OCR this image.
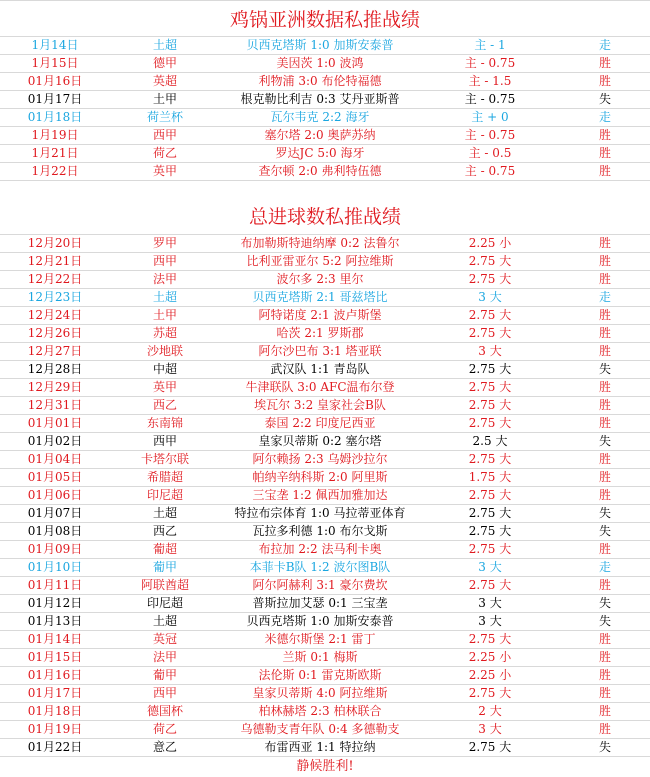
鸡锅亚洲数据私推战绩
1月14日	土超	贝西克塔斯 1:0 加斯安泰普	主 - 1	走
1月15日	德甲	美因茨 1:0 波鸿	主 - 0.75	胜
01月16日	英超	利物浦 3:0 布伦特福德	主 - 1.5	胜
01月17日	土甲	根克勒比利吉 0:3 艾丹亚斯普	主 - 0.75	失
01月18日	荷兰杯	瓦尔韦克 2:2 海牙	主 + 0	走
1月19日	西甲	塞尔塔 2:0 奥萨苏纳	主 - 0.75	胜
1月21日	荷乙	罗达JC 5:0 海牙	主 - 0.5	胜
1月22日	英甲	查尔顿 2:0 弗利特伍德	主 - 0.75	胜
总进球数私推战绩
12月20日	罗甲	布加勒斯特迪纳摩 0:2 法鲁尔	2.25 小	胜
12月21日	西甲	比利亚雷亚尔 5:2 阿拉维斯	2.75 大	胜
12月22日	法甲	波尔多 2:3 里尔	2.75 大	胜
12月23日	土超	贝西克塔斯 2:1 哥兹塔比	3 大	走
12月24日	土甲	阿特诺度 2:1 波卢斯堡	2.75 大	胜
12月26日	苏超	哈茨 2:1 罗斯郡	2.75 大	胜
12月27日	沙地联	阿尔沙巴布 3:1 塔亚联	3 大	胜
12月28日	中超	武汉队 1:1 青岛队	2.75 大	失
12月29日	英甲	牛津联队 3:0 AFC温布尔登	2.75 大	胜
12月31日	西乙	埃瓦尔 3:2 皇家社会B队	2.75 大	胜
01月01日	东南锦	泰国 2:2 印度尼西亚	2.75 大	胜
01月02日	西甲	皇家贝蒂斯 0:2 塞尔塔	2.5 大	失
01月04日	卡塔尔联	阿尔赖扬 2:3 乌姆沙拉尔	2.75 大	胜
01月05日	希腊超	帕纳辛纳科斯 2:0 阿里斯	1.75 大	胜
01月06日	印尼超	三宝垄 1:2 佩西加雅加达	2.75 大	胜
01月07日	土超	特拉布宗体育 1:0 马拉蒂亚体育	2.75 大	失
01月08日	西乙	瓦拉多利德 1:0 布尔戈斯	2.75 大	失
01月09日	葡超	布拉加 2:2 法马利卡奥	2.75 大	胜
01月10日	葡甲	本菲卡B队 1:2 波尔图B队	3 大	走
01月11日	阿联酋超	阿尔阿赫利 3:1 豪尔费坎	2.75 大	胜
01月12日	印尼超	普斯拉加艾瑟 0:1 三宝垄	3 大	失
01月13日	土超	贝西克塔斯 1:0 加斯安泰普	3 大	失
01月14日	英冠	米德尔斯堡 2:1 雷丁	2.75 大	胜
01月15日	法甲	兰斯 0:1 梅斯	2.25 小	胜
01月16日	葡甲	法伦斯 0:1 雷克斯欧斯	2.25 小	胜
01月17日	西甲	皇家贝蒂斯 4:0 阿拉维斯	2.75 大	胜
01月18日	德国杯	柏林赫塔 2:3 柏林联合	2 大	胜
01月19日	荷乙	乌德勒支青年队 0:4 多德勒支	3 大	胜
01月22日	意乙	布雷西亚 1:1 特拉纳	2.75 大	失
静候胜利!
